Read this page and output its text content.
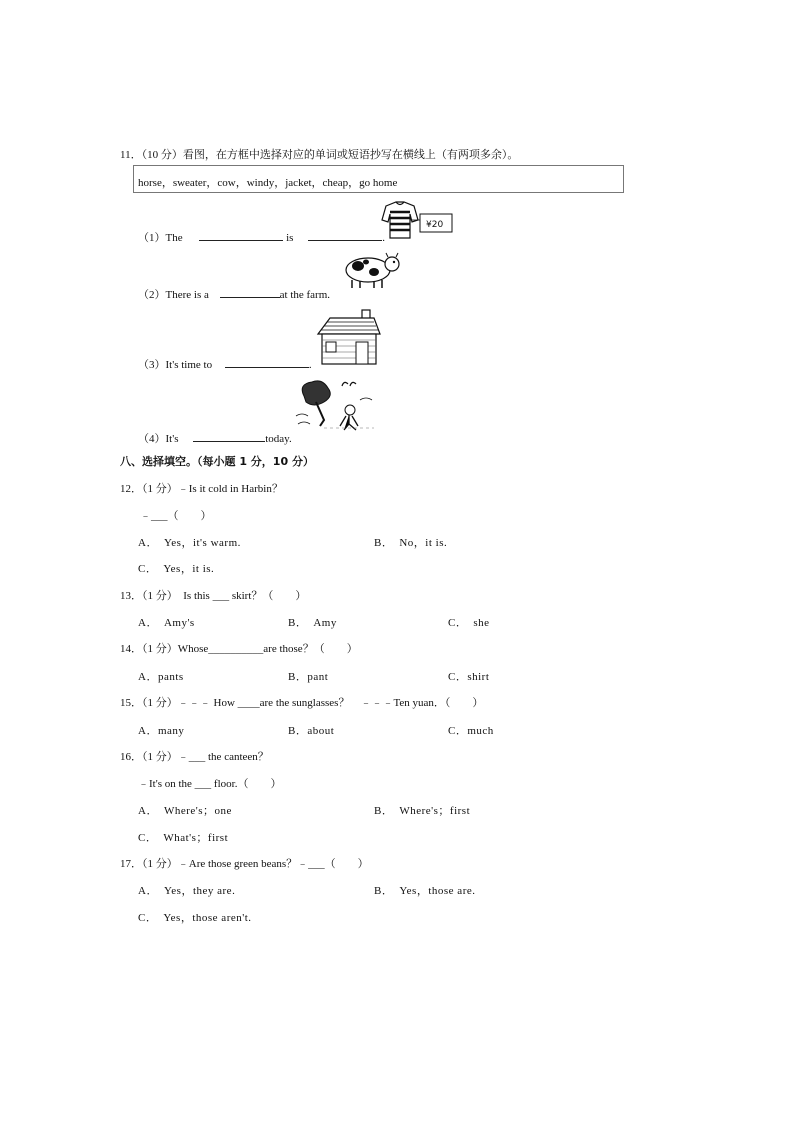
11．（10 分）看图，在方框中选择对应的单词或短语抄写在横线上（有两项多余）。
horse，sweater，cow，windy，jacket，cheap，go home
（1）The	is	.
¥20
（2）There is a	at the farm.
（3）It's time to	.
（4）It's	today.
八、选择填空。（每小题 1 分，10 分）
12．（1 分）﹣Is it cold in Harbin？
﹣___（　　）
A．　Yes，it's warm.	B．　No，it is.
C．　Yes，it is.
13．（1 分）　Is this ___ skirt？（　　）
A．　Amy's	B．　Amy	C．　she
14．（1 分）Whose__________are those？（　　）
A．pants	B．pant	C．shirt
15．（1 分）﹣﹣﹣ How ____are the sunglasses？　﹣﹣﹣Ten yuan．（　　）
A．many	B．about	C．much
16．（1 分）﹣___ the canteen？
﹣It's on the ___ floor.（　　）
A．　Where's；one	B．　Where's；first
C．　What's；first
17．（1 分）﹣Are those green beans？﹣___（　　）
A．　Yes，they are.	B．　Yes，those are.
C．　Yes，those aren't.
